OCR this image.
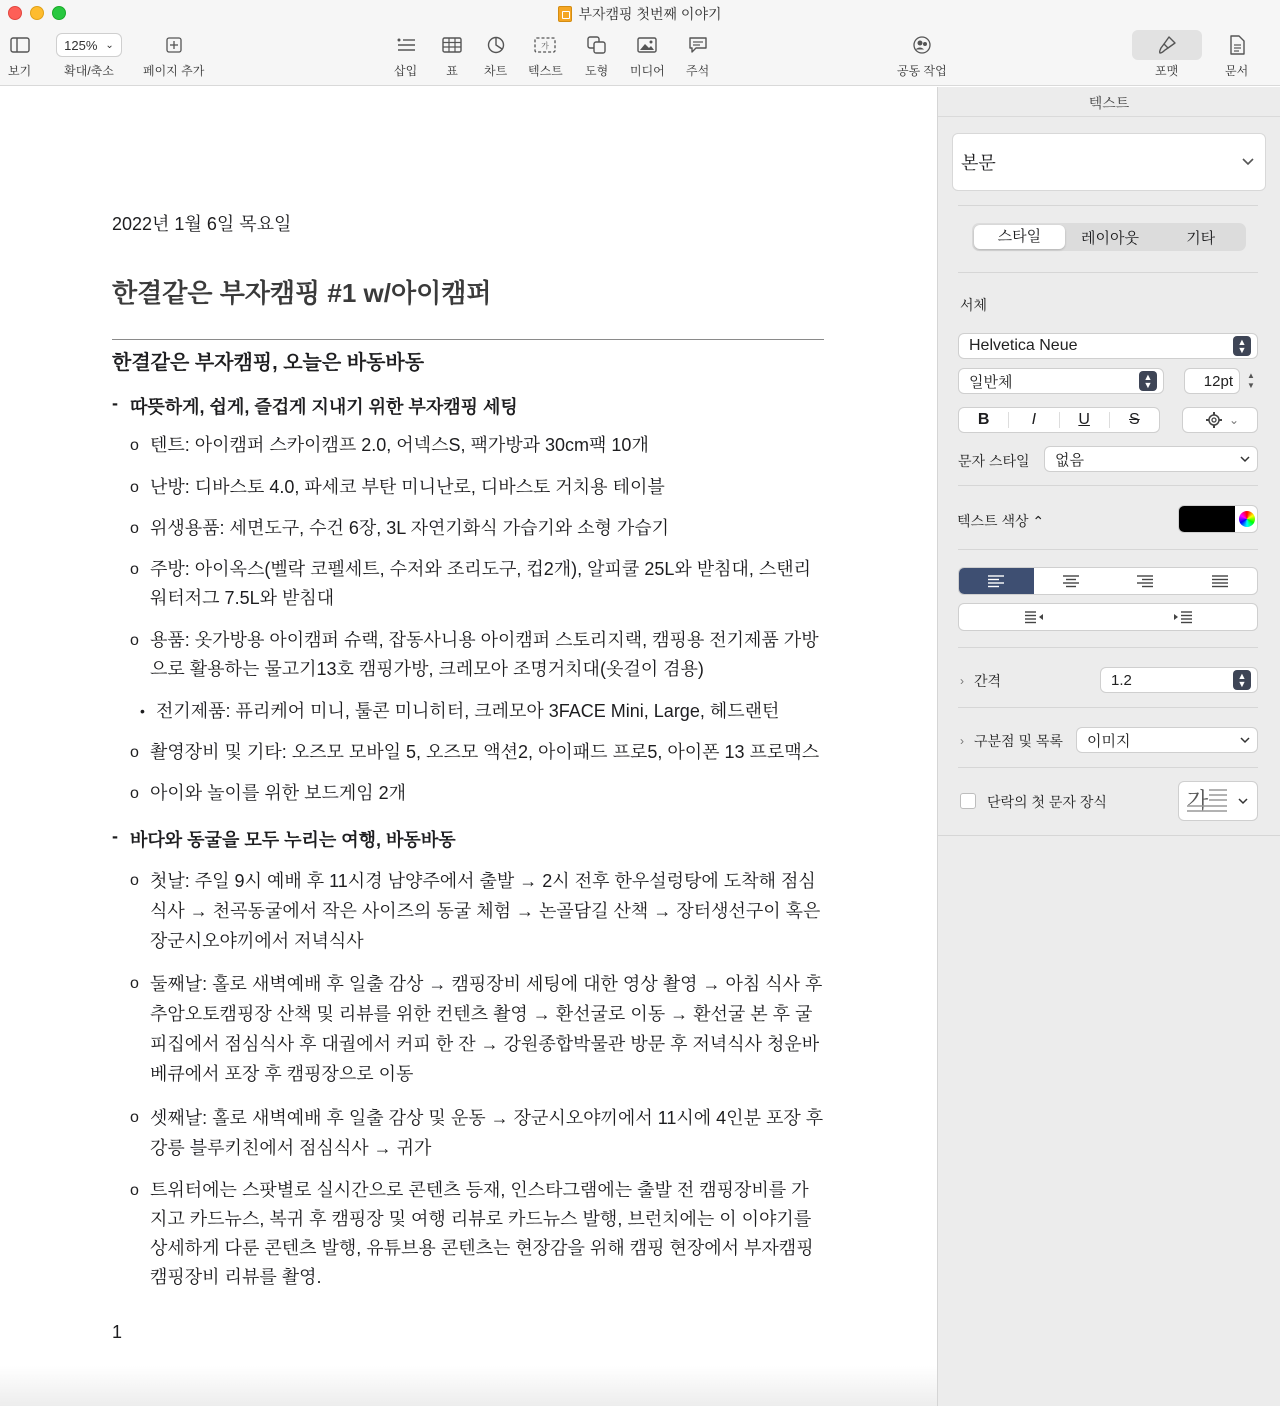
부자캠핑 첫번째 이야기
보기
125% ⌄
확대/축소 페이지 추가	삽입 표 차트
가
텍스트 도형 미디어 주석	공동 작업	포맷	문서
2022년 1월 6일 목요일
한결같은 부자캠핑 #1 w/아이캠퍼
한결같은 부자캠핑, 오늘은 바동바동
- 따뜻하게, 쉽게, 즐겁게 지내기 위한 부자캠핑 세팅
o 텐트: 아이캠퍼 스카이캠프 2.0, 어넥스S, 팩가방과 30cm팩 10개
o 난방: 디바스토 4.0, 파세코 부탄 미니난로, 디바스토 거치용 테이블
o 위생용품: 세면도구, 수건 6장, 3L 자연기화식 가습기와 소형 가습기
o 주방: 아이옥스(벨락 코펠세트, 수저와 조리도구, 컵2개), 알피쿨 25L와 받침대, 스탠리 워터저그 7.5L와 받침대
o 용품: 옷가방용 아이캠퍼 슈랙, 잡동사니용 아이캠퍼 스토리지랙, 캠핑용 전기제품 가방으로 활용하는 물고기13호 캠핑가방, 크레모아 조명거치대(옷걸이 겸용)
• 전기제품: 퓨리케어 미니, 툴콘 미니히터, 크레모아 3FACE Mini, Large, 헤드랜턴
o 촬영장비 및 기타: 오즈모 모바일 5, 오즈모 액션2, 아이패드 프로5, 아이폰 13 프로맥스
o 아이와 놀이를 위한 보드게임 2개
- 바다와 동굴을 모두 누리는 여행, 바동바동
o 첫날: 주일 9시 예배 후 11시경 남양주에서 출발 → 2시 전후 한우설렁탕에 도착해 점심식사 → 천곡동굴에서 작은 사이즈의 동굴 체험 → 논골담길 산책 → 장터생선구이 혹은 장군시오야끼에서 저녁식사
o 둘째날: 홀로 새벽예배 후 일출 감상 → 캠핑장비 세팅에 대한 영상 촬영 → 아침 식사 후 추암오토캠핑장 산책 및 리뷰를 위한 컨텐츠 촬영 → 환선굴로 이동 → 환선굴 본 후 굴피집에서 점심식사 후 대궐에서 커피 한 잔 → 강원종합박물관 방문 후 저녁식사 청운바베큐에서 포장 후 캠핑장으로 이동
o 셋째날: 홀로 새벽예배 후 일출 감상 및 운동 → 장군시오야끼에서 11시에 4인분 포장 후 강릉 블루키친에서 점심식사 → 귀가
o 트위터에는 스팟별로 실시간으로 콘텐츠 등재, 인스타그램에는 출발 전 캠핑장비를 가지고 카드뉴스, 복귀 후 캠핑장 및 여행 리뷰로 카드뉴스 발행, 브런치에는 이 이야기를 상세하게 다룬 콘텐츠 발행, 유튜브용 콘텐츠는 현장감을 위해 캠핑 현장에서 부자캠핑 캠핑장비 리뷰를 촬영.
1
텍스트
본문
스타일	레이아웃	기타
서체
Helvetica Neue	▲
▼
일반체	▲
▼	12pt ▲
▼
B	I	U	S	⌄
문자 스타일 없음
텍스트 색상 ⌃
› 간격	1.2	▲
▼
› 구분점 및 목록 이미지
단락의 첫 문자 장식	가
